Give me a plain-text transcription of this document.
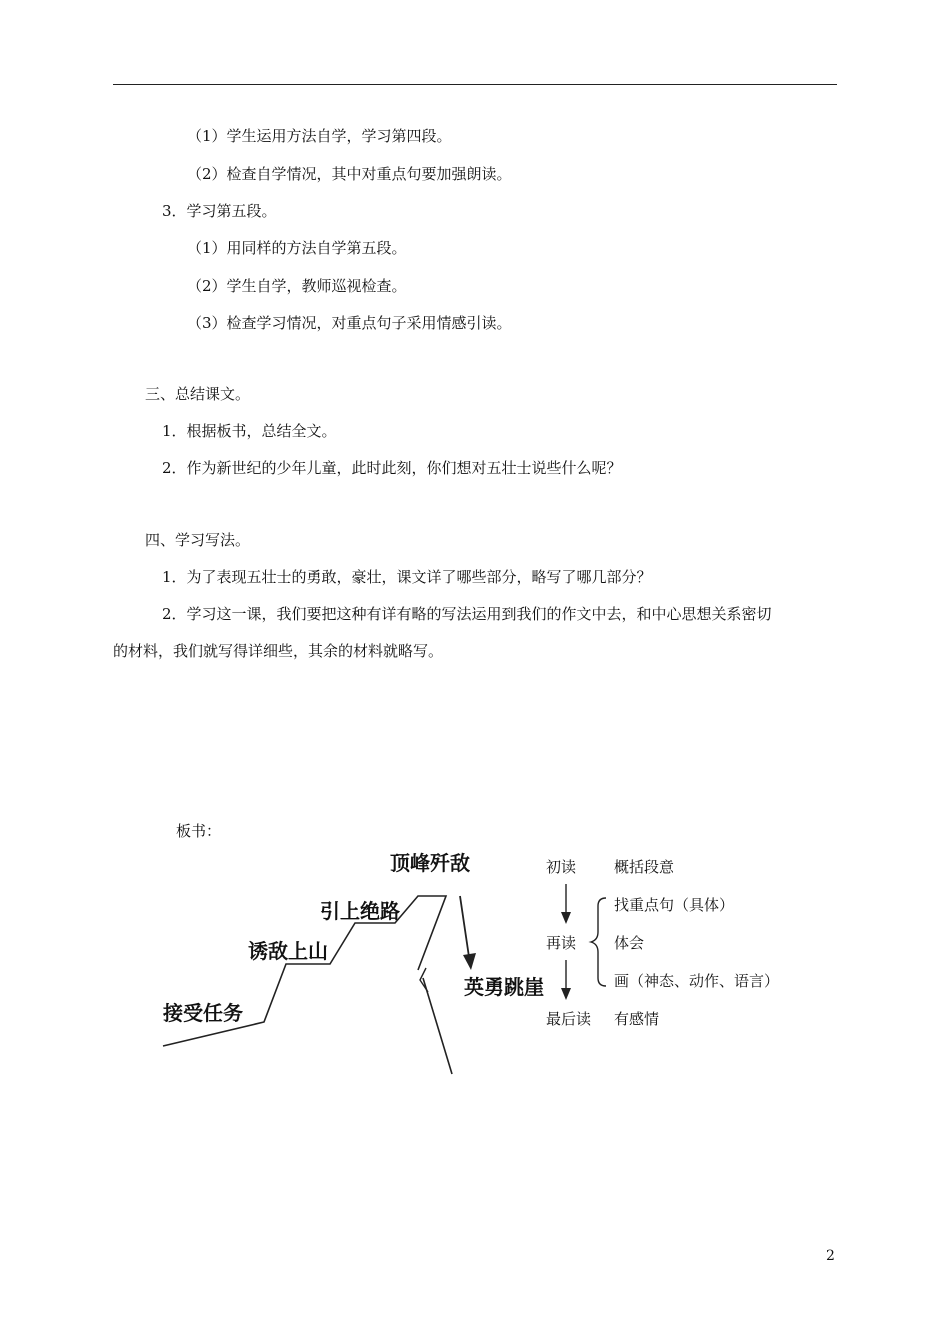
（1）学生运用方法自学，学习第四段。
（2）检查自学情况，其中对重点句要加强朗读。
3．学习第五段。
（1）用同样的方法自学第五段。
（2）学生自学，教师巡视检查。
（3）检查学习情况，对重点句子采用情感引读。
三、总结课文。
1．根据板书，总结全文。
2．作为新世纪的少年儿童，此时此刻，你们想对五壮士说些什么呢？
四、学习写法。
1．为了表现五壮士的勇敢，豪壮，课文详了哪些部分，略写了哪几部分？
2．学习这一课，我们要把这种有详有略的写法运用到我们的作文中去，和中心思想关系密切
的材料，我们就写得详细些，其余的材料就略写。
板书：
接受任务
诱敌上山
引上绝路
顶峰歼敌
英勇跳崖
初读	概括段意
再读
找重点句（具体）
体会
画（神态、动作、语言）
最后读 有感情
2
